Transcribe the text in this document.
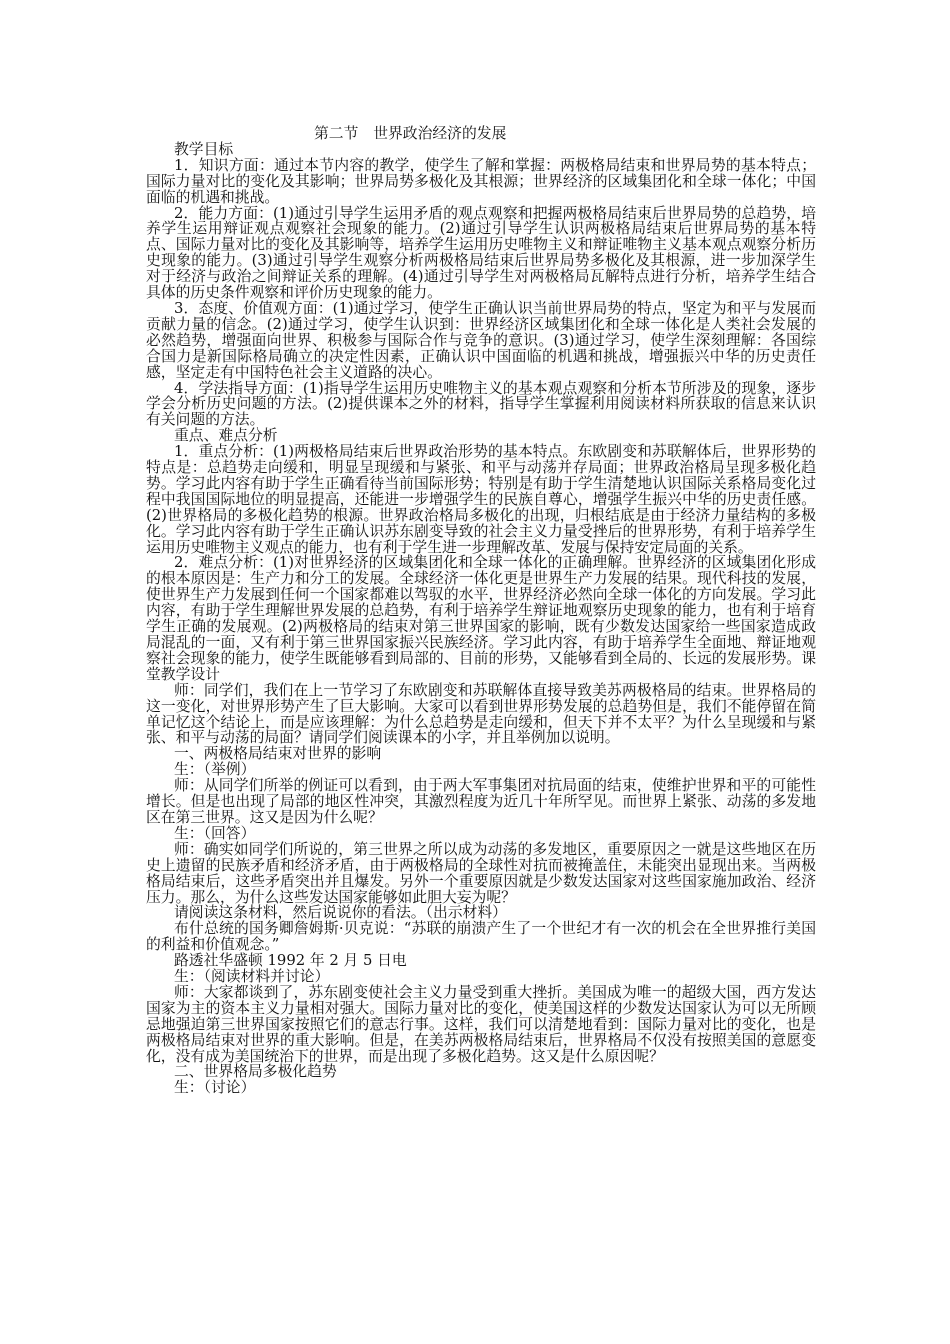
第二节　世界政治经济的发展

教学目标

1．知识方面：通过本节内容的教学，使学生了解和掌握：两极格局结束和世界局势的基本特点；国际力量对比的变化及其影响；世界局势多极化及其根源；世界经济的区域集团化和全球一体化；中国面临的机遇和挑战。

2．能力方面：(1)通过引导学生运用矛盾的观点观察和把握两极格局结束后世界局势的总趋势，培养学生运用辩证观点观察社会现象的能力。(2)通过引导学生认识两极格局结束后世界局势的基本特点、国际力量对比的变化及其影响等，培养学生运用历史唯物主义和辩证唯物主义基本观点观察分析历史现象的能力。(3)通过引导学生观察分析两极格局结束后世界局势多极化及其根源，进一步加深学生对于经济与政治之间辩证关系的理解。(4)通过引导学生对两极格局瓦解特点进行分析，培养学生结合具体的历史条件观察和评价历史现象的能力。

3．态度、价值观方面：(1)通过学习，使学生正确认识当前世界局势的特点，坚定为和平与发展而贡献力量的信念。(2)通过学习，使学生认识到：世界经济区域集团化和全球一体化是人类社会发展的必然趋势，增强面向世界、积极参与国际合作与竞争的意识。(3)通过学习，使学生深刻理解：各国综合国力是新国际格局确立的决定性因素，正确认识中国面临的机遇和挑战，增强振兴中华的历史责任感，坚定走有中国特色社会主义道路的决心。

4．学法指导方面：(1)指导学生运用历史唯物主义的基本观点观察和分析本节所涉及的现象，逐步学会分析历史问题的方法。(2)提供课本之外的材料，指导学生掌握利用阅读材料所获取的信息来认识有关问题的方法。

重点、难点分析

1．重点分析：(1)两极格局结束后世界政治形势的基本特点。东欧剧变和苏联解体后，世界形势的特点是：总趋势走向缓和，明显呈现缓和与紧张、和平与动荡并存局面；世界政治格局呈现多极化趋势。学习此内容有助于学生正确看待当前国际形势；特别是有助于学生清楚地认识国际关系格局变化过程中我国国际地位的明显提高，还能进一步增强学生的民族自尊心，增强学生振兴中华的历史责任感。(2)世界格局的多极化趋势的根源。世界政治格局多极化的出现，归根结底是由于经济力量结构的多极化。学习此内容有助于学生正确认识苏东剧变导致的社会主义力量受挫后的世界形势，有利于培养学生运用历史唯物主义观点的能力，也有利于学生进一步理解改革、发展与保持安定局面的关系。

2．难点分析：(1)对世界经济的区域集团化和全球一体化的正确理解。世界经济的区域集团化形成的根本原因是：生产力和分工的发展。全球经济一体化更是世界生产力发展的结果。现代科技的发展，使世界生产力发展到任何一个国家都难以驾驭的水平，世界经济必然向全球一体化的方向发展。学习此内容，有助于学生理解世界发展的总趋势，有利于培养学生辩证地观察历史现象的能力，也有利于培育学生正确的发展观。(2)两极格局的结束对第三世界国家的影响，既有少数发达国家给一些国家造成政局混乱的一面，又有利于第三世界国家振兴民族经济。学习此内容，有助于培养学生全面地、辩证地观察社会现象的能力，使学生既能够看到局部的、目前的形势，又能够看到全局的、长远的发展形势。课堂教学设计

师：同学们，我们在上一节学习了东欧剧变和苏联解体直接导致美苏两极格局的结束。世界格局的这一变化，对世界形势产生了巨大影响。大家可以看到世界形势发展的总趋势但是，我们不能停留在简单记忆这个结论上，而是应该理解：为什么总趋势是走向缓和，但天下并不太平？为什么呈现缓和与紧张、和平与动荡的局面？请同学们阅读课本的小字，并且举例加以说明。

一、两极格局结束对世界的影响

生：（举例）

师：从同学们所举的例证可以看到，由于两大军事集团对抗局面的结束，使维护世界和平的可能性增长。但是也出现了局部的地区性冲突，其激烈程度为近几十年所罕见。而世界上紧张、动荡的多发地区在第三世界。这又是因为什么呢？

生：（回答）

师：确实如同学们所说的，第三世界之所以成为动荡的多发地区，重要原因之一就是这些地区在历史上遗留的民族矛盾和经济矛盾，由于两极格局的全球性对抗而被掩盖住，未能突出显现出来。当两极格局结束后，这些矛盾突出并且爆发。另外一个重要原因就是少数发达国家对这些国家施加政治、经济压力。那么，为什么这些发达国家能够如此胆大妄为呢？

请阅读这条材料，然后说说你的看法。（出示材料）

布什总统的国务卿詹姆斯·贝克说：“苏联的崩溃产生了一个世纪才有一次的机会在全世界推行美国的利益和价值观念。”

路透社华盛顿 1992 年 2 月 5 日电

生：（阅读材料并讨论）

师：大家都谈到了，苏东剧变使社会主义力量受到重大挫折。美国成为唯一的超级大国，西方发达国家为主的资本主义力量相对强大。国际力量对比的变化，使美国这样的少数发达国家认为可以无所顾忌地强迫第三世界国家按照它们的意志行事。这样，我们可以清楚地看到：国际力量对比的变化，也是两极格局结束对世界的重大影响。但是，在美苏两极格局结束后，世界格局不仅没有按照美国的意愿变化，没有成为美国统治下的世界，而是出现了多极化趋势。这又是什么原因呢？

二、世界格局多极化趋势

生：（讨论）
